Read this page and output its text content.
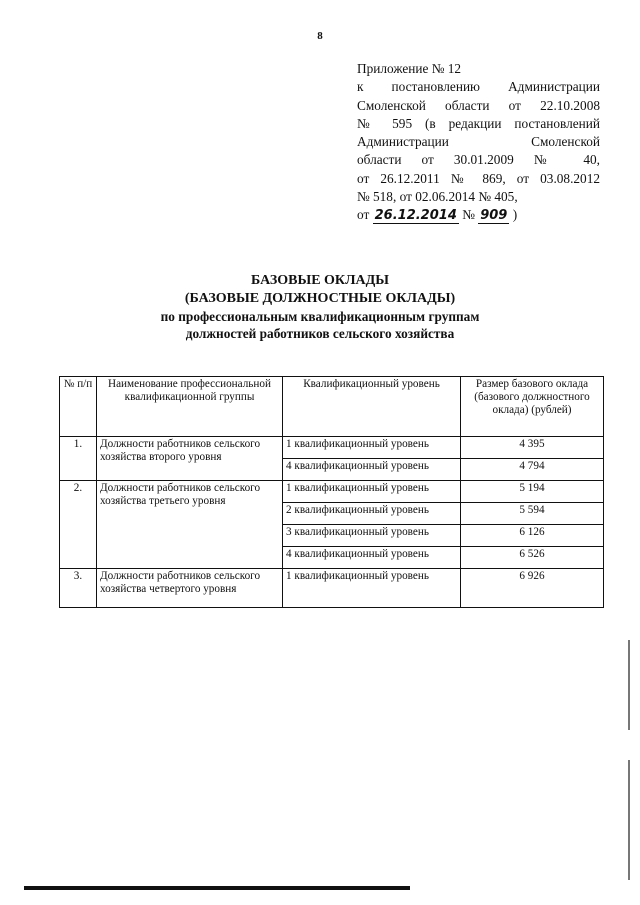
8
Приложение № 12
к постановлению Администрации
Смоленской области от 22.10.2008
№ 595 (в редакции постановлений
Администрации Смоленской
области от 30.01.2009 № 40,
от 26.12.2011 № 869, от 03.08.2012
№ 518, от 02.06.2014 № 405,
от 26.12.2014 № 909 )
БАЗОВЫЕ ОКЛАДЫ
(БАЗОВЫЕ ДОЛЖНОСТНЫЕ ОКЛАДЫ)
по профессиональным квалификационным группам
должностей работников сельского хозяйства
№ п/п	Наименование профессиональной квалификационной группы	Квалификационный уровень	Размер базового оклада (базового должностного оклада) (рублей)
1.	Должности работников сельского хозяйства второго уровня	1 квалификационный уровень	4 395
		4 квалификационный уровень	4 794
2.	Должности работников сельского хозяйства третьего уровня	1 квалификационный уровень	5 194
		2 квалификационный уровень	5 594
		3 квалификационный уровень	6 126
		4 квалификационный уровень	6 526
3.	Должности работников сельского хозяйства четвертого уровня	1 квалификационный уровень	6 926
